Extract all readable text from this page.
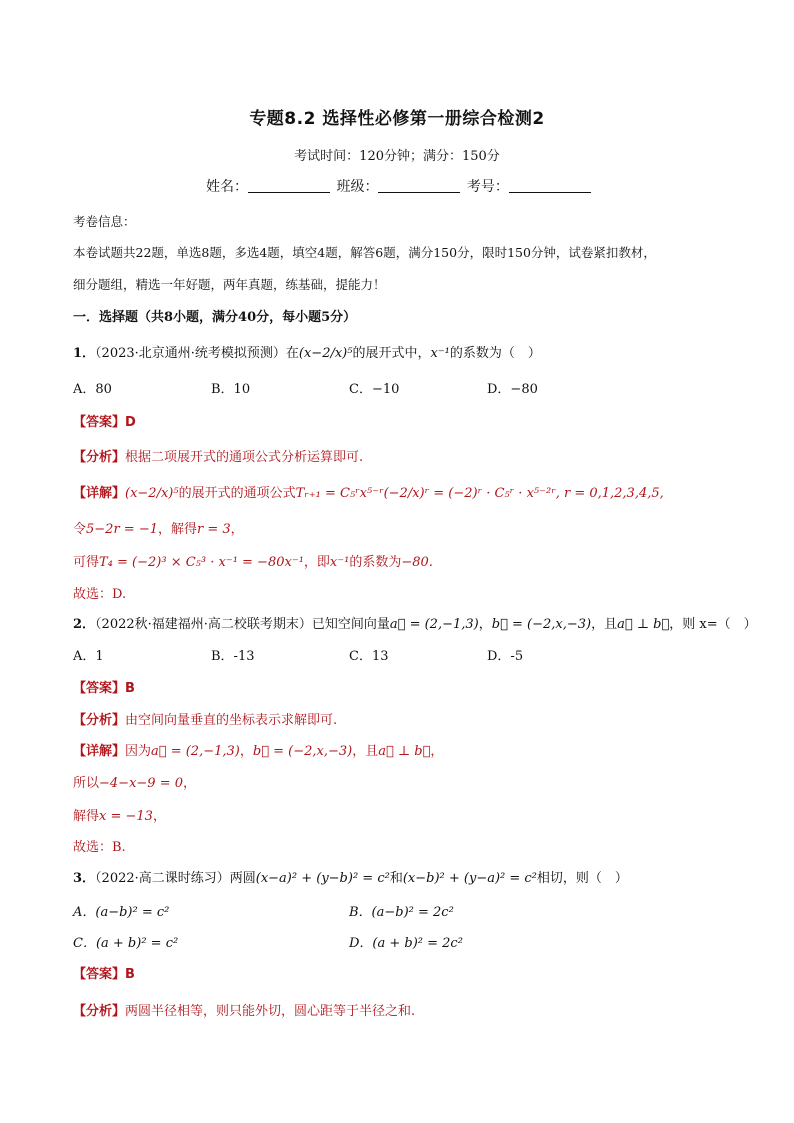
专题8.2 选择性必修第一册综合检测2
考试时间：120分钟；满分：150分
姓名：	班级：	考号：
考卷信息：
本卷试题共22题，单选8题，多选4题，填空4题，解答6题，满分150分，限时150分钟，试卷紧扣教材，
细分题组，精选一年好题，两年真题，练基础，提能力！
一．选择题（共8小题，满分40分，每小题5分）
1．（2023·北京通州·统考模拟预测）在(x−2/x)⁵的展开式中，x⁻¹的系数为（　）
A．80	B．10	C．−10	D．−80
【答案】D
【分析】根据二项展开式的通项公式分析运算即可.
【详解】(x−2/x)⁵的展开式的通项公式Tᵣ₊₁ = C₅ʳx⁵⁻ʳ(−2/x)ʳ = (−2)ʳ · C₅ʳ · x⁵⁻²ʳ, r = 0,1,2,3,4,5,
令5−2r = −1，解得r = 3，
可得T₄ = (−2)³ × C₅³ · x⁻¹ = −80x⁻¹，即x⁻¹的系数为−80.
故选：D.
2．（2022秋·福建福州·高二校联考期末）已知空间向量a⃗ = (2,−1,3)，b⃗ = (−2,x,−3)，且a⃗ ⊥ b⃗，则 x=（　）
A．1	B．-13	C．13	D．-5
【答案】B
【分析】由空间向量垂直的坐标表示求解即可.
【详解】因为a⃗ = (2,−1,3)，b⃗ = (−2,x,−3)，且a⃗ ⊥ b⃗，
所以−4−x−9 = 0，
解得x = −13，
故选：B.
3．（2022·高二课时练习）两圆(x−a)² + (y−b)² = c²和(x−b)² + (y−a)² = c²相切，则（　）
A．(a−b)² = c²	B．(a−b)² = 2c²
C．(a + b)² = c²	D．(a + b)² = 2c²
【答案】B
【分析】两圆半径相等，则只能外切，圆心距等于半径之和.
